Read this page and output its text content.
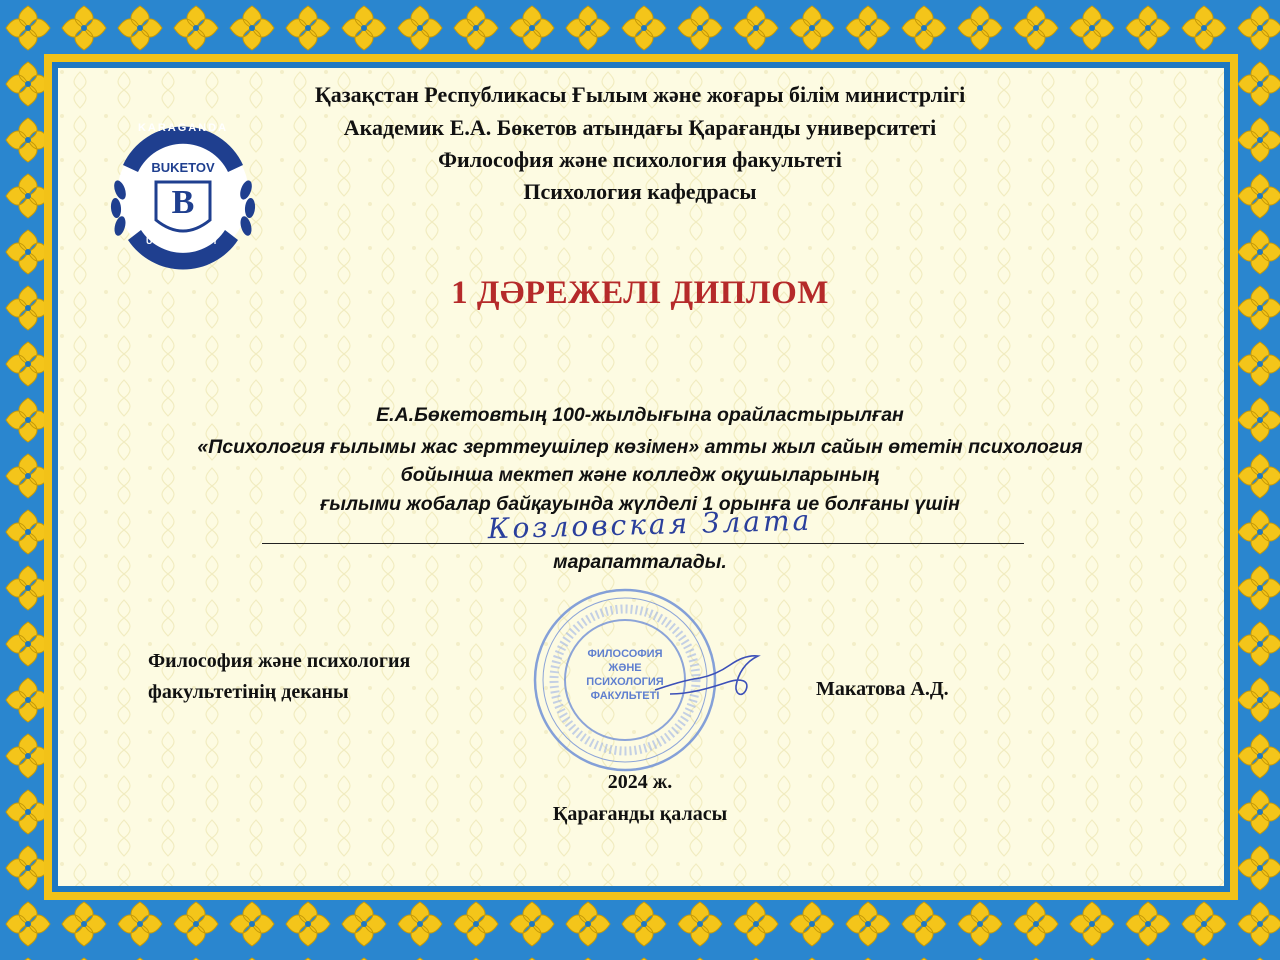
KARAGANDA
BUKETOV
B
UNIVERSITY
Қазақстан Республикасы Ғылым және жоғары білім министрлігі
Академик Е.А. Бөкетов атындағы Қарағанды университеті
Философия және психология факультеті
Психология кафедрасы
1 ДӘРЕЖЕЛІ ДИПЛОМ
Е.А.Бөкетовтың 100-жылдығына орайластырылған
«Психология ғылымы жас зерттеушілер көзімен» атты жыл сайын өтетін психология
бойынша мектеп және колледж оқушыларының
ғылыми жобалар байқауында жүлделі 1 орынға ие болғаны үшін
Козловская Злата
марапатталады.
Философия және психология
факультетінің деканы	Макатова А.Д.
ФИЛОСОФИЯ
ЖӘНЕ
ПСИХОЛОГИЯ
ФАКУЛЬТЕТІ
2024 ж.
Қарағанды қаласы
